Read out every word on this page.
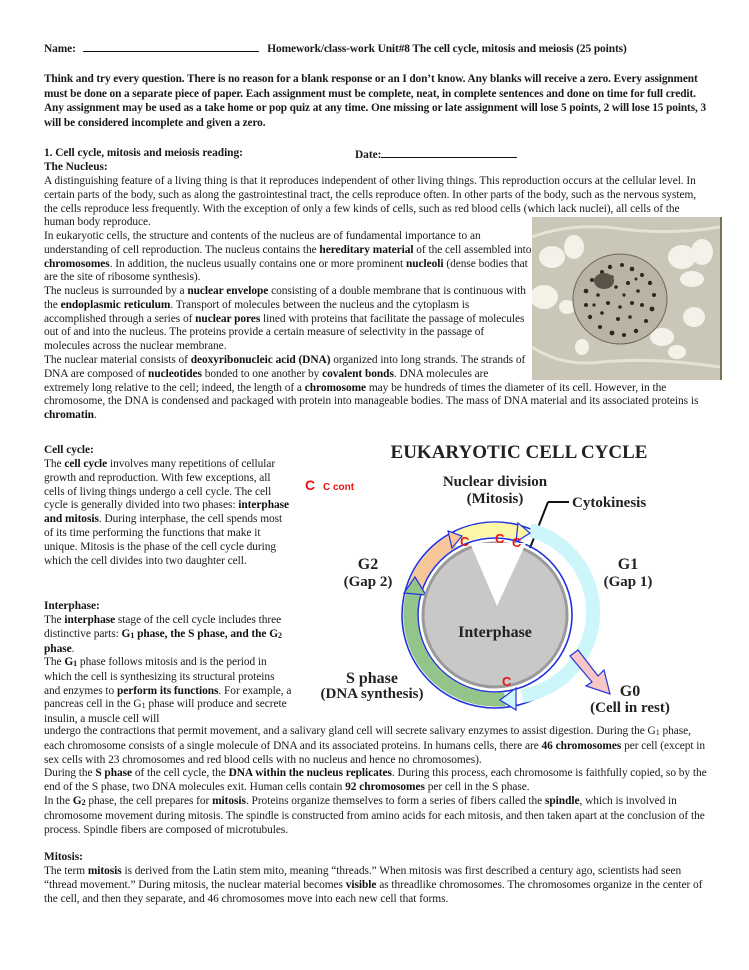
Name:	Homework/class-work Unit#8 The cell cycle, mitosis and meiosis (25 points)
Think and try every question. There is no reason for a blank response or an I don’t know. Any blanks will receive a zero. Every assignment must be done on a separate piece of paper. Each assignment must be complete, neat, in complete sentences and done on time for full credit. Any assignment may be used as a take home or pop quiz at any time. One missing or late assignment will lose 5 points, 2 will lose 15 points, 3 will be considered incomplete and given a zero.
1. Cell cycle, mitosis and meiosis reading:	Date:
The Nucleus:
A distinguishing feature of a living thing is that it reproduces independent of other living things. This reproduction occurs at the cellular level. In certain parts of the body, such as along the gastrointestinal tract, the cells reproduce often. In other parts of the body, such as the nervous system, the cells reproduce less frequently. With the exception of only a few kinds of cells, such as red blood cells (which lack nuclei), all cells of the human body reproduce.
In eukaryotic cells, the structure and contents of the nucleus are of fundamental importance to an understanding of cell reproduction. The nucleus contains the hereditary material of the cell assembled into chromosomes. In addition, the nucleus usually contains one or more prominent nucleoli (dense bodies that are the site of ribosome synthesis).
The nucleus is surrounded by a nuclear envelope consisting of a double membrane that is continuous with the endoplasmic reticulum. Transport of molecules between the nucleus and the cytoplasm is accomplished through a series of nuclear pores lined with proteins that facilitate the passage of molecules out of and into the nucleus. The proteins provide a certain measure of selectivity in the passage of molecules across the nuclear membrane.
The nuclear material consists of deoxyribonucleic acid (DNA) organized into long strands. The strands of DNA are composed of nucleotides bonded to one another by covalent bonds. DNA molecules are extremely long relative to the cell; indeed, the length of a chromosome may be hundreds of times the diameter of its cell. However, in the chromosome, the DNA is condensed and packaged with protein into manageable bodies. The mass of DNA material and its associated proteins is chromatin.
Cell cycle:
The cell cycle involves many repetitions of cellular growth and reproduction. With few exceptions, all cells of living things undergo a cell cycle. The cell cycle is generally divided into two phases: interphase and mitosis. During interphase, the cell spends most of its time performing the functions that make it unique. Mitosis is the phase of the cell cycle during which the cell divides into two daughter cell.
Interphase:
The interphase stage of the cell cycle includes three distinctive parts: G1 phase, the S phase, and the G2 phase.
The G1 phase follows mitosis and is the period in which the cell is synthesizing its structural proteins and enzymes to perform its functions. For example, a pancreas cell in the G1 phase will produce and secrete insulin, a muscle cell will
undergo the contractions that permit movement, and a salivary gland cell will secrete salivary enzymes to assist digestion. During the G1 phase, each chromosome consists of a single molecule of DNA and its associated proteins. In humans cells, there are 46 chromosomes per cell (except in sex cells with 23 chromosomes and red blood cells with no nucleus and hence no chromosomes).
During the S phase of the cell cycle, the DNA within the nucleus replicates. During this process, each chromosome is faithfully copied, so by the end of the S phase, two DNA molecules exit. Human cells contain 92 chromosomes per cell in the S phase.
In the G2 phase, the cell prepares for mitosis. Proteins organize themselves to form a series of fibers called the spindle, which is involved in chromosome movement during mitosis. The spindle is constructed from amino acids for each mitosis, and then taken apart at the conclusion of the process. Spindle fibers are composed of microtubules.
Mitosis:
The term mitosis is derived from the Latin stem mito, meaning “threads.” When mitosis was first described a century ago, scientists had seen “thread movement.” During mitosis, the nuclear material becomes visible as threadlike chromosomes. The chromosomes organize in the center of the cell, and then they separate, and 46 chromosomes move into each new cell that forms.
EUKARYOTIC CELL CYCLE
C C cont	Nuclear division
(Mitosis)	Cytokinesis
Interphase
C C C
C
G2
(Gap 2)
G1
(Gap 1)
S phase
(DNA synthesis)	G0
(Cell in rest)
